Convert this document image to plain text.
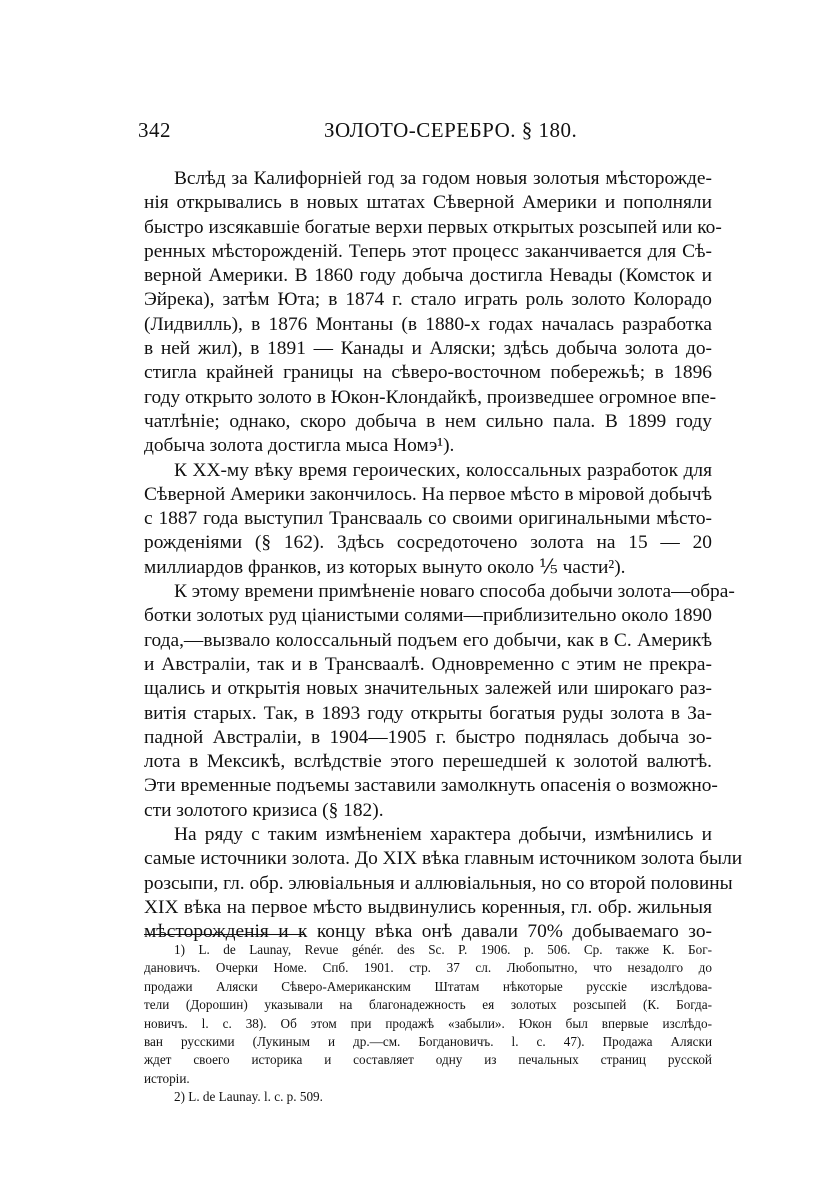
342	ЗОЛОТО-СЕРЕБРО. § 180.
Вслѣд за Калифорніей год за годом новыя золотыя мѣсторожде-
нія открывались в новых штатах Сѣверной Америки и пополняли
быстро изсякавшіе богатые верхи первых открытых розсыпей или ко-
ренных мѣсторожденій. Теперь этот процесс заканчивается для Сѣ-
верной Америки. В 1860 году добыча достигла Невады (Комсток и
Эйрека), затѣм Юта; в 1874 г. стало играть роль золото Колорадо
(Лидвилль), в 1876 Монтаны (в 1880-х годах началась разработка
в ней жил), в 1891 — Канады и Аляски; здѣсь добыча золота до-
стигла крайней границы на сѣверо-восточном побережьѣ; в 1896
году открыто золото в Юкон-Клондайкѣ, произведшее огромное впе-
чатлѣніе; однако, скоро добыча в нем сильно пала. В 1899 году
добыча золота достигла мыса Номэ¹).
К XX-му вѣку время героических, колоссальных разработок для
Сѣверной Америки закончилось. На первое мѣсто в міровой добычѣ
с 1887 года выступил Трансвааль со своими оригинальными мѣсто-
рожденіями (§ 162). Здѣсь сосредоточено золота на 15 — 20
миллиардов франков, из которых вынуто около ⅕ части²).
К этому времени примѣненіе новаго способа добычи золота—обра-
ботки золотых руд ціанистыми солями—приблизительно около 1890
года,—вызвало колоссальный подъем его добычи, как в С. Америкѣ
и Австраліи, так и в Трансваалѣ. Одновременно с этим не прекра-
щались и открытія новых значительных залежей или широкаго раз-
витія старых. Так, в 1893 году открыты богатыя руды золота в За-
падной Австраліи, в 1904—1905 г. быстро поднялась добыча зо-
лота в Мексикѣ, вслѣдствіе этого перешедшей к золотой валютѣ.
Эти временные подъемы заставили замолкнуть опасенія о возможно-
сти золотого кризиса (§ 182).
На ряду с таким измѣненіем характера добычи, измѣнились и
самые источники золота. До XIX вѣка главным источником золота были
розсыпи, гл. обр. элювіальныя и аллювіальныя, но со второй половины
XIX вѣка на первое мѣсто выдвинулись коренныя, гл. обр. жильныя
мѣсторожденія и к концу вѣка онѣ давали 70% добываемаго зо-
1) L. de Launay, Revue génér. des Sc. P. 1906. p. 506. Ср. также К. Бог-
дановичъ. Очерки Номе. Спб. 1901. стр. 37 сл. Любопытно, что незадолго до
продажи Аляски Сѣверо-Американским Штатам нѣкоторые русскіе изслѣдова-
тели (Дорошин) указывали на благонадежность ея золотых розсыпей (К. Богда-
новичъ. l. c. 38). Об этом при продажѣ «забыли». Юкон был впервые изслѣдо-
ван русскими (Лукиным и др.—см. Богдановичъ. l. c. 47). Продажа Аляски
ждет своего историка и составляет одну из печальных страниц русской
исторіи.
2) L. de Launay. l. c. p. 509.
